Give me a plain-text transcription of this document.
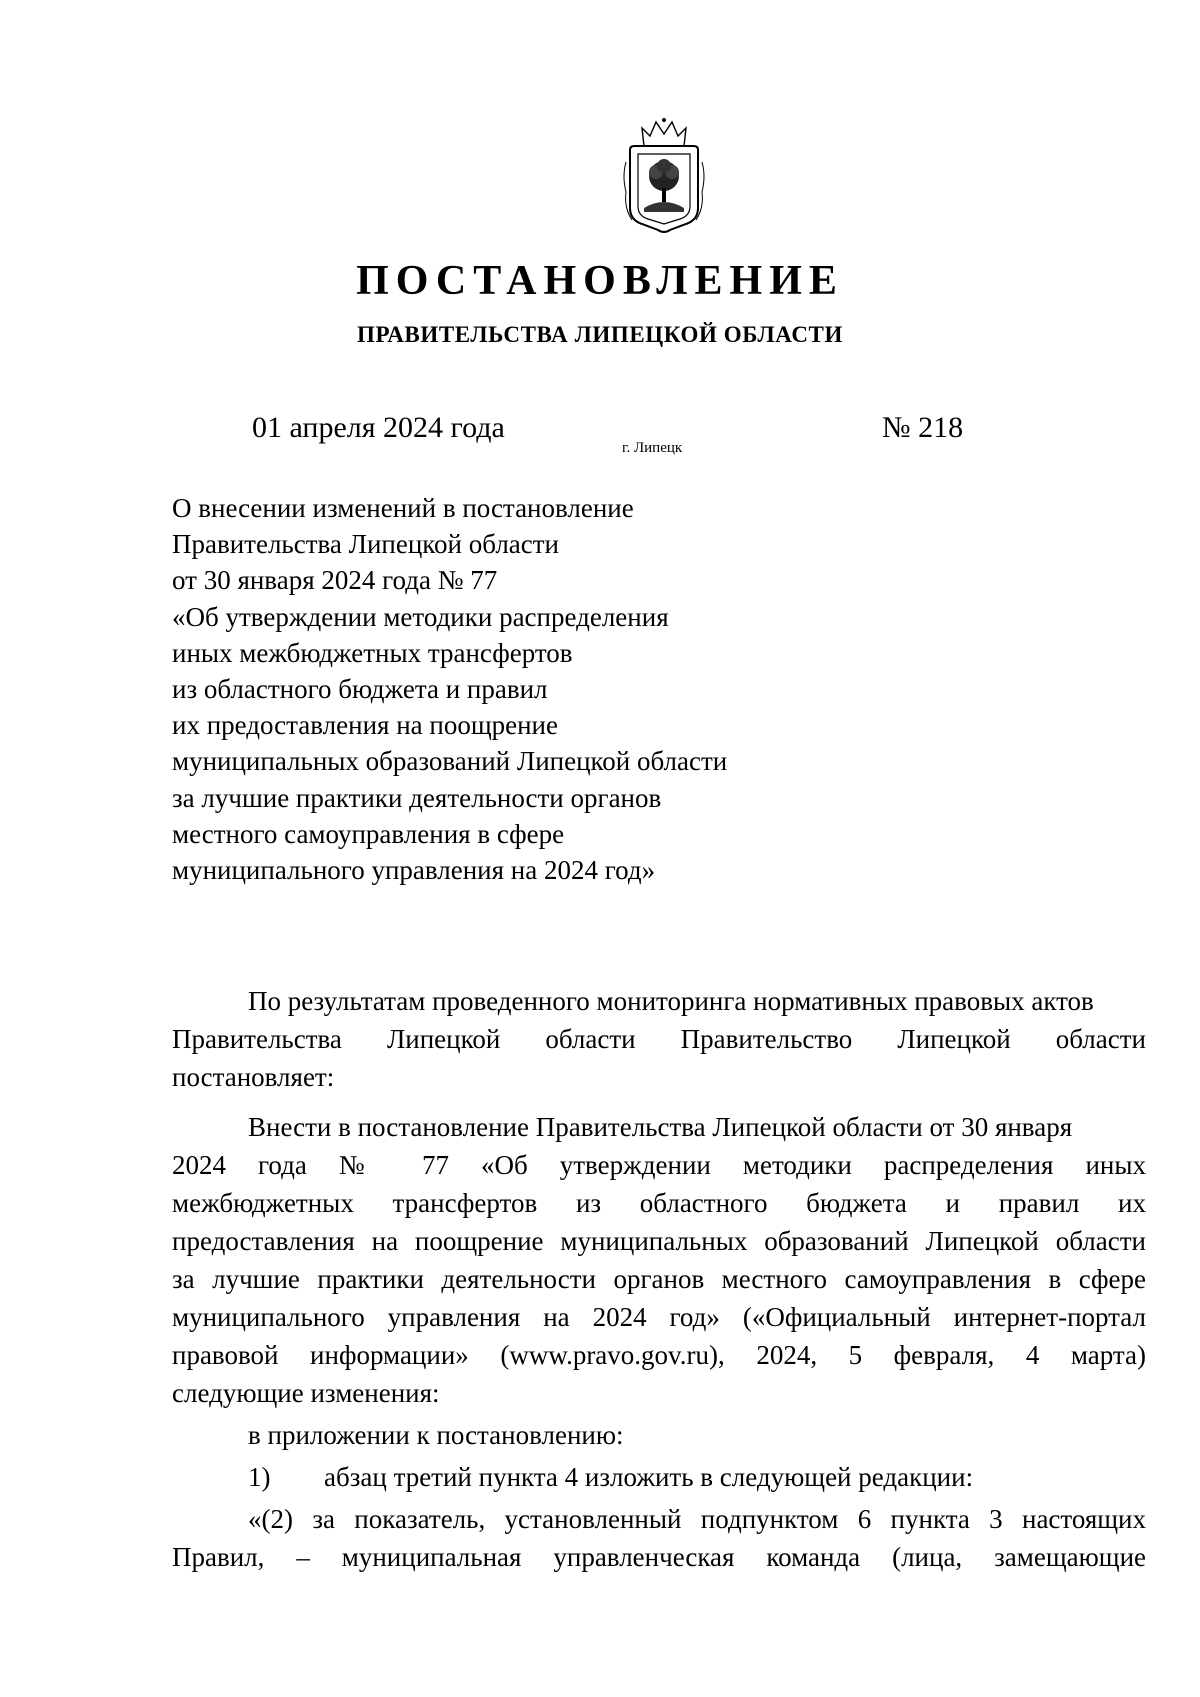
ПОСТАНОВЛЕНИЕ
ПРАВИТЕЛЬСТВА ЛИПЕЦКОЙ ОБЛАСТИ
01 апреля 2024 года
г. Липецк
№ 218
О внесении изменений в постановление
Правительства Липецкой области
от 30 января 2024 года № 77
«Об утверждении методики распределения
иных межбюджетных трансфертов
из областного бюджета и правил
их предоставления на поощрение
муниципальных образований Липецкой области
за лучшие практики деятельности органов
местного самоуправления в сфере
муниципального управления на 2024 год»
По результатам проведенного мониторинга нормативных правовых актов
Правительства Липецкой области Правительство Липецкой области
постановляет:
Внести в постановление Правительства Липецкой области от 30 января
2024 года № 77 «Об утверждении методики распределения иных
межбюджетных трансфертов из областного бюджета и правил их
предоставления на поощрение муниципальных образований Липецкой области
за лучшие практики деятельности органов местного самоуправления в сфере
муниципального управления на 2024 год» («Официальный интернет-портал
правовой информации» (www.pravo.gov.ru), 2024, 5 февраля, 4 марта)
следующие изменения:
в приложении к постановлению:
1)	абзац третий пункта 4 изложить в следующей редакции:
«(2) за показатель, установленный подпунктом 6 пункта 3 настоящих
Правил, – муниципальная управленческая команда (лица, замещающие
